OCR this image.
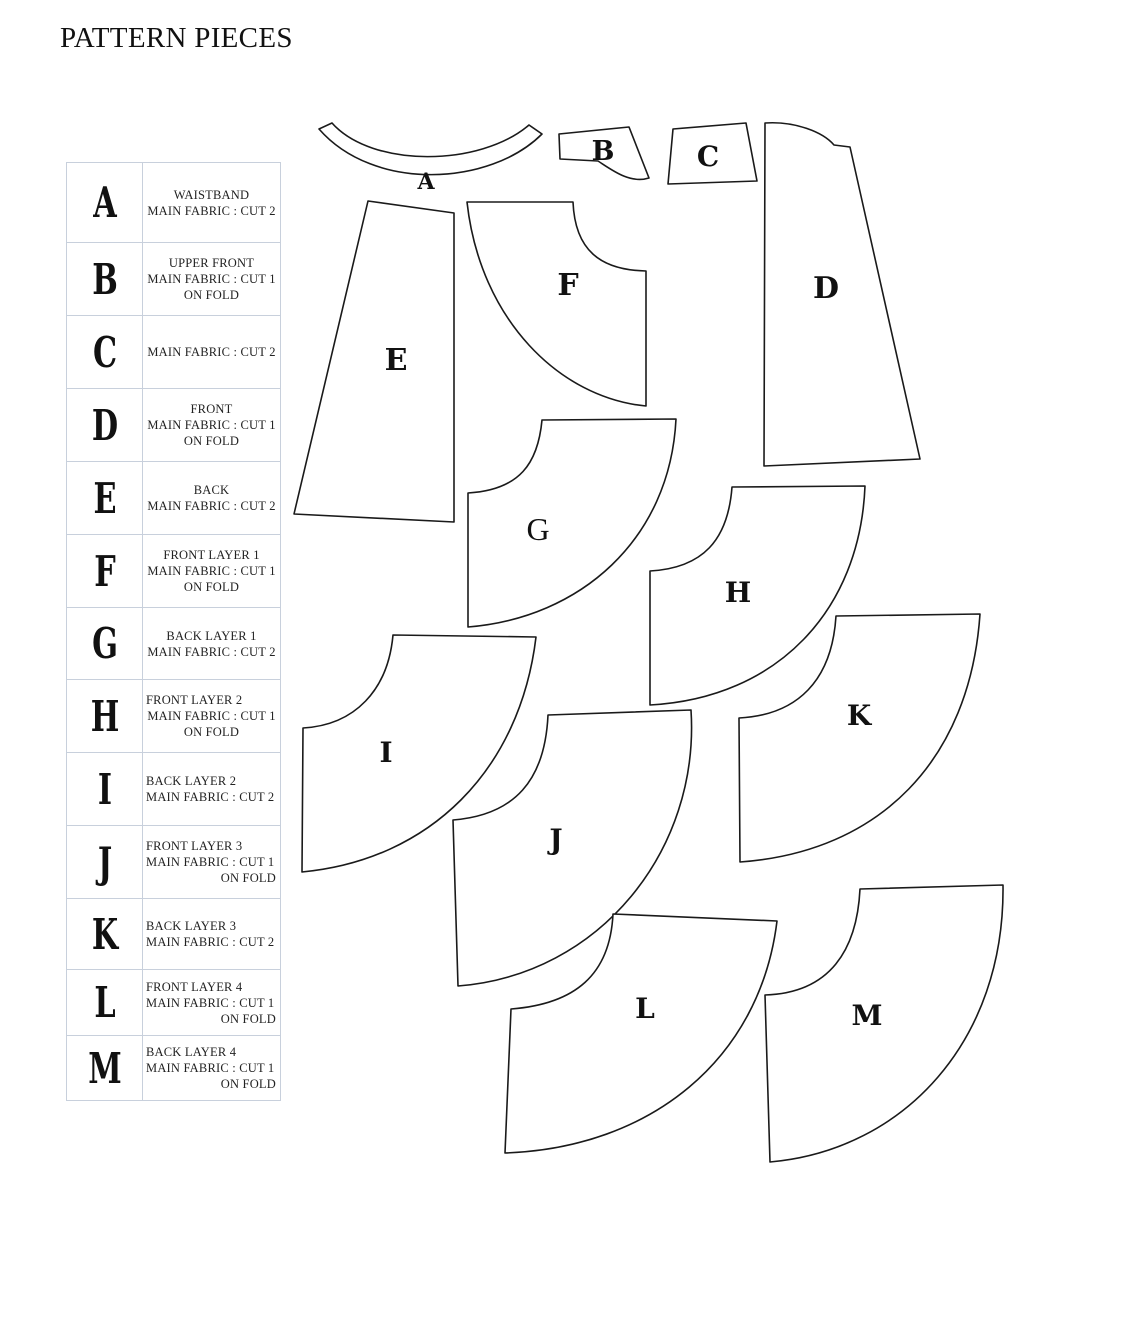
PATTERN PIECES
A	WAISTBAND
MAIN FABRIC : CUT 2

B	UPPER FRONT
MAIN FABRIC : CUT 1
ON FOLD

C	MAIN FABRIC : CUT 2

D	FRONT
MAIN FABRIC : CUT 1
ON FOLD

E	BACK
MAIN FABRIC : CUT 2

F	FRONT LAYER 1
MAIN FABRIC : CUT 1
ON FOLD

G	BACK LAYER 1
MAIN FABRIC : CUT 2

H	FRONT LAYER 2
MAIN FABRIC : CUT 1
ON FOLD

I	BACK LAYER 2
MAIN FABRIC : CUT 2

J	FRONT LAYER 3
MAIN FABRIC : CUT 1
ON FOLD

K	BACK LAYER 3
MAIN FABRIC : CUT 2

L	FRONT LAYER 4
MAIN FABRIC : CUT 1
ON FOLD

M	BACK LAYER 4
MAIN FABRIC : CUT 1
ON FOLD
A
B	C
D
E
F
G
H
I
K
J
L	M
